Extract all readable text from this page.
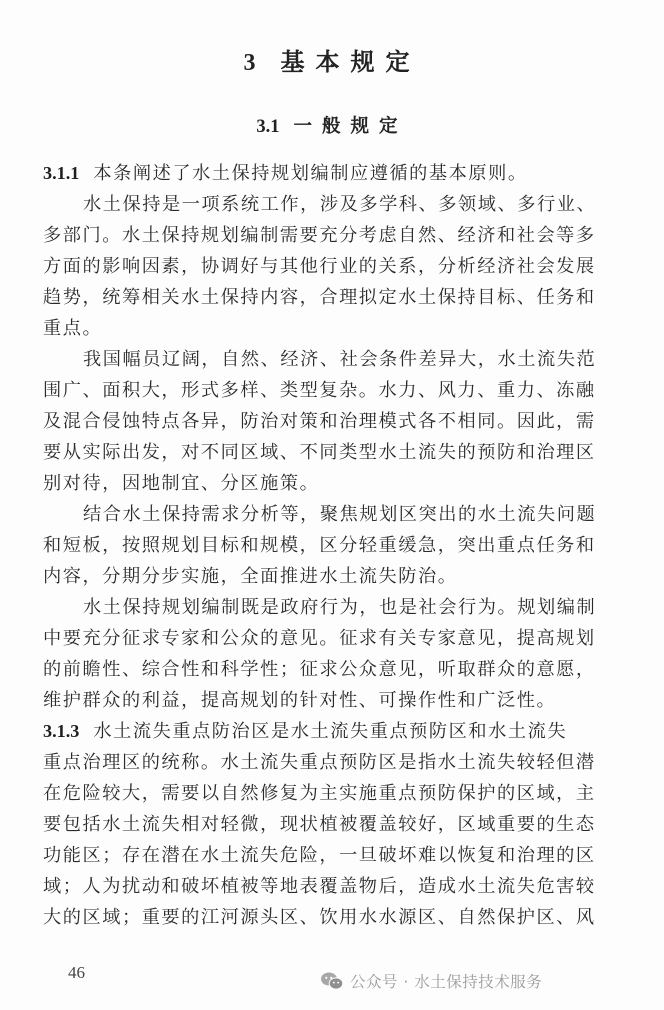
3 基本规定
3.1 一般规定
3.1.1 本条阐述了水土保持规划编制应遵循的基本原则。
水土保持是一项系统工作，涉及多学科、多领域、多行业、
多部门。水土保持规划编制需要充分考虑自然、经济和社会等多
方面的影响因素，协调好与其他行业的关系，分析经济社会发展
趋势，统筹相关水土保持内容，合理拟定水土保持目标、任务和
重点。
我国幅员辽阔，自然、经济、社会条件差异大，水土流失范
围广、面积大，形式多样、类型复杂。水力、风力、重力、冻融
及混合侵蚀特点各异，防治对策和治理模式各不相同。因此，需
要从实际出发，对不同区域、不同类型水土流失的预防和治理区
别对待，因地制宜、分区施策。
结合水土保持需求分析等，聚焦规划区突出的水土流失问题
和短板，按照规划目标和规模，区分轻重缓急，突出重点任务和
内容，分期分步实施，全面推进水土流失防治。
水土保持规划编制既是政府行为，也是社会行为。规划编制
中要充分征求专家和公众的意见。征求有关专家意见，提高规划
的前瞻性、综合性和科学性；征求公众意见，听取群众的意愿，
维护群众的利益，提高规划的针对性、可操作性和广泛性。
3.1.3 水土流失重点防治区是水土流失重点预防区和水土流失
重点治理区的统称。水土流失重点预防区是指水土流失较轻但潜
在危险较大，需要以自然修复为主实施重点预防保护的区域，主
要包括水土流失相对轻微，现状植被覆盖较好，区域重要的生态
功能区；存在潜在水土流失危险，一旦破坏难以恢复和治理的区
域；人为扰动和破坏植被等地表覆盖物后，造成水土流失危害较
大的区域；重要的江河源头区、饮用水水源区、自然保护区、风
46	公众号 · 水土保持技术服务
